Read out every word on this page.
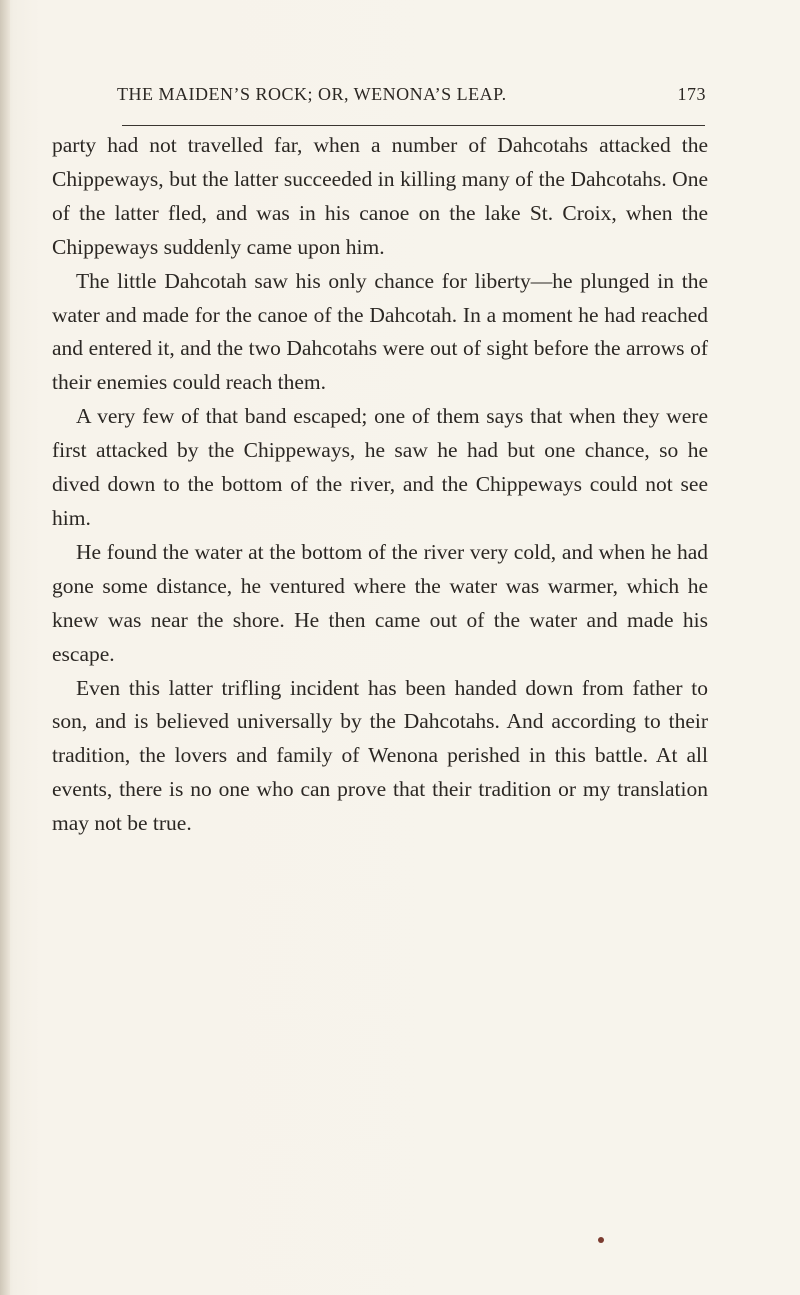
THE MAIDEN’S ROCK; OR, WENONA’S LEAP.	173

party had not travelled far, when a number of Dahcotahs attacked the Chippeways, but the latter succeeded in killing many of the Dahcotahs. One of the latter fled, and was in his canoe on the lake St. Croix, when the Chippeways suddenly came upon him.

The little Dahcotah saw his only chance for liberty—he plunged in the water and made for the canoe of the Dahcotah. In a moment he had reached and entered it, and the two Dahcotahs were out of sight before the arrows of their enemies could reach them.

A very few of that band escaped; one of them says that when they were first attacked by the Chippeways, he saw he had but one chance, so he dived down to the bottom of the river, and the Chippeways could not see him.

He found the water at the bottom of the river very cold, and when he had gone some distance, he ventured where the water was warmer, which he knew was near the shore. He then came out of the water and made his escape.

Even this latter trifling incident has been handed down from father to son, and is believed universally by the Dahcotahs. And according to their tradition, the lovers and family of Wenona perished in this battle. At all events, there is no one who can prove that their tradition or my translation may not be true.
